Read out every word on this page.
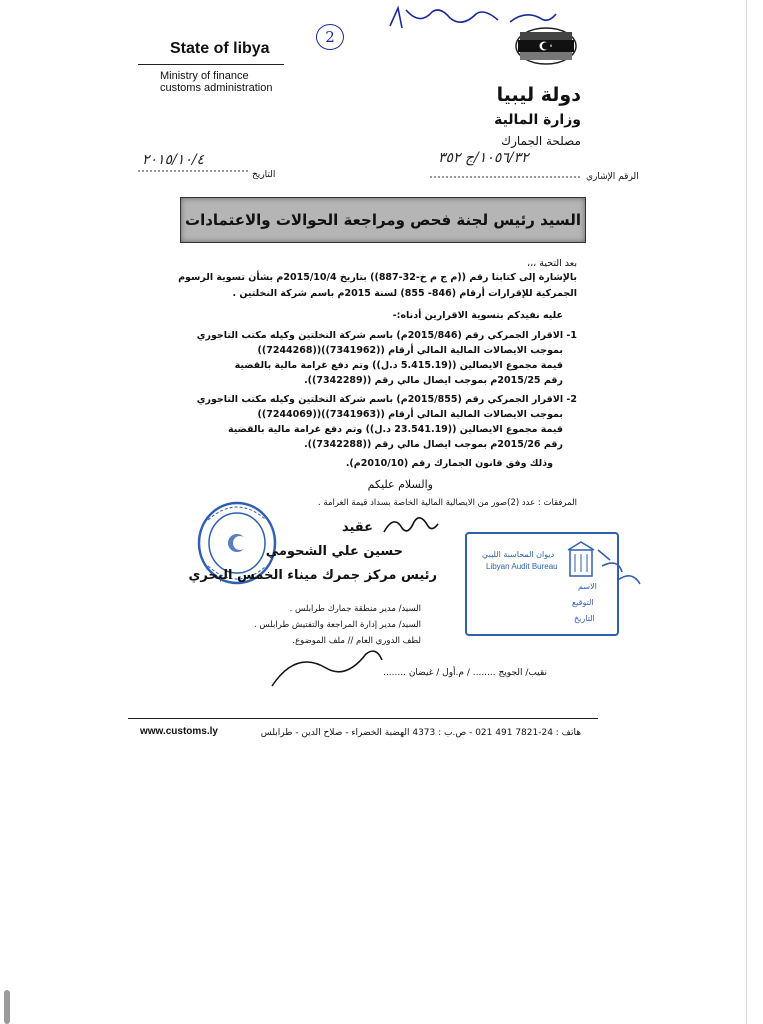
State of libya
Ministry of finance
customs administration
2
دولة ليبيا
وزارة المالية
مصلحة الجمارك
التاريخ
٢٠١٥/١٠/٤
الرقم الإشاري
١٠٥٦/٣٢/ج ٣٥٢
السيد رئيس لجنة فحص ومراجعة الحوالات والاعتمادات
بعد التحية ،،،
بالإشارة إلى كتابنا رقم ((م ج م خ-32-887)) بتاريخ 2015/10/4م بشأن تسوية الرسوم
الجمركية للإقرارات أرقام (846- 855) لسنة 2015م باسم شركة النخلتين .
عليه نفيدكم بتسوية الاقرارين أدناه:-
1- الاقرار الجمركي رقم (2015/846م) باسم شركة النخلتين وكيله مكتب التاجوري
بموجب الايصالات المالية المالي أرقام ((7341962))((7244268))
قيمة مجموع الايصالين ((5.415.19 د.ل)) وتم دفع غرامة مالية بالقضية
رقم 2015/25م بموجب ايصال مالي رقم ((7342289)).
2- الاقرار الجمركي رقم (2015/855م) باسم شركة النخلتين وكيله مكتب التاجوري
بموجب الايصالات المالية المالي أرقام ((7341963))((7244069))
قيمة مجموع الايصالين ((23.541.19 د.ل)) وتم دفع غرامة مالية بالقضية
رقم 2015/26م بموجب ايصال مالي رقم ((7342288)).
وذلك وفق قانون الجمارك رقم (2010/10م).
والسلام عليكم
المرفقات : عدد (2)صور من الايصالية المالية الخاصة بسداد قيمة الغرامة .
عقيد
حسين علي الشحومي
رئيس مركز جمرك ميناء الخمس البحري
ديوان المحاسبة الليبي
Libyan Audit Bureau
الاسم
التوقيع
التاريخ
السيد/ مدير منطقة جمارك طرابلس .
السيد/ مدير إدارة المراجعة والتفتيش طرابلس .
لطف الدوري العام // ملف الموضوع.
نقيب/ الجويج ........ / م.أول / غيضان ........
www.customs.ly	هاتف : 24-7821 491 021 - ص.ب : 4373 الهضبة الخضراء - صلاح الدين - طرابلس
